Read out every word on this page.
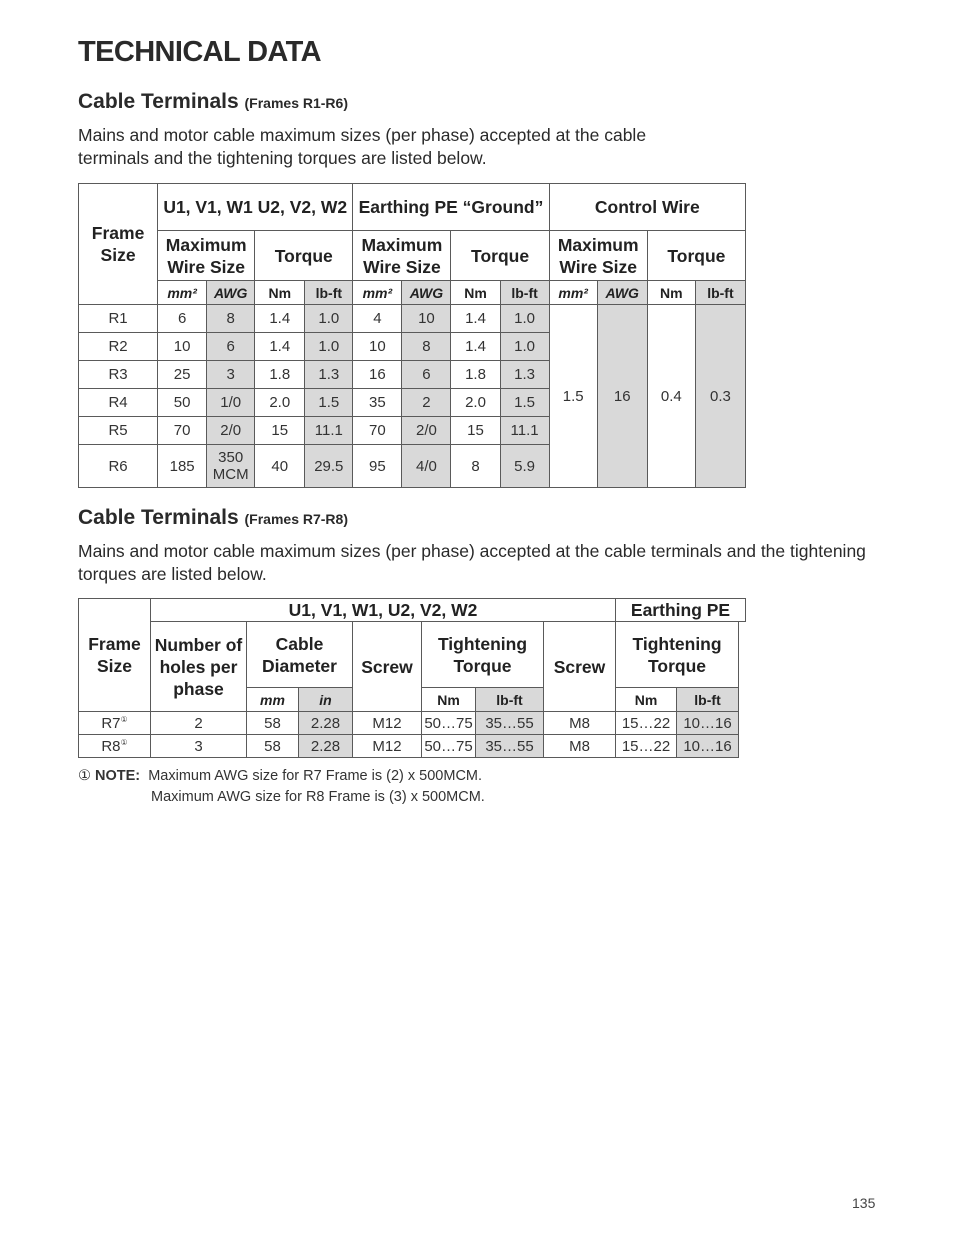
TECHNICAL DATA
Cable Terminals (Frames R1-R6)

Mains and motor cable maximum sizes (per phase) accepted at the cable terminals and the tightening torques are listed below.

Frame Size	U1, V1, W1 U2, V2, W2				Earthing PE “Ground”				Control Wire			
	Maximum Wire Size		Torque		Maximum Wire Size		Torque		Maximum Wire Size		Torque	
	mm²	AWG	Nm	lb-ft	mm²	AWG	Nm	lb-ft	mm²	AWG	Nm	lb-ft
R1	6	8	1.4	1.0	4	10	1.4	1.0	1.5	16	0.4	0.3
R2	10	6	1.4	1.0	10	8	1.4	1.0				
R3	25	3	1.8	1.3	16	6	1.8	1.3				
R4	50	1/0	2.0	1.5	35	2	2.0	1.5				
R5	70	2/0	15	11.1	70	2/0	15	11.1				
R6	185	350 MCM	40	29.5	95	4/0	8	5.9				
Cable Terminals (Frames R7-R8)

Mains and motor cable maximum sizes (per phase) accepted at the cable terminals and the tightening torques are listed below.

Frame Size	U1, V1, W1, U2, V2, W2							Earthing PE	
	Number of holes per phase	Cable Diameter		Screw	Tightening Torque		Screw	Tightening Torque	
		mm	in		Nm	lb-ft		Nm	lb-ft
R7①	2	58	2.28	M12	50…75	35…55	M8	15…22	10…16
R8①	3	58	2.28	M12	50…75	35…55	M8	15…22	10…16
① NOTE: Maximum AWG size for R7 Frame is (2) x 500MCM.
Maximum AWG size for R8 Frame is (3) x 500MCM.
135
